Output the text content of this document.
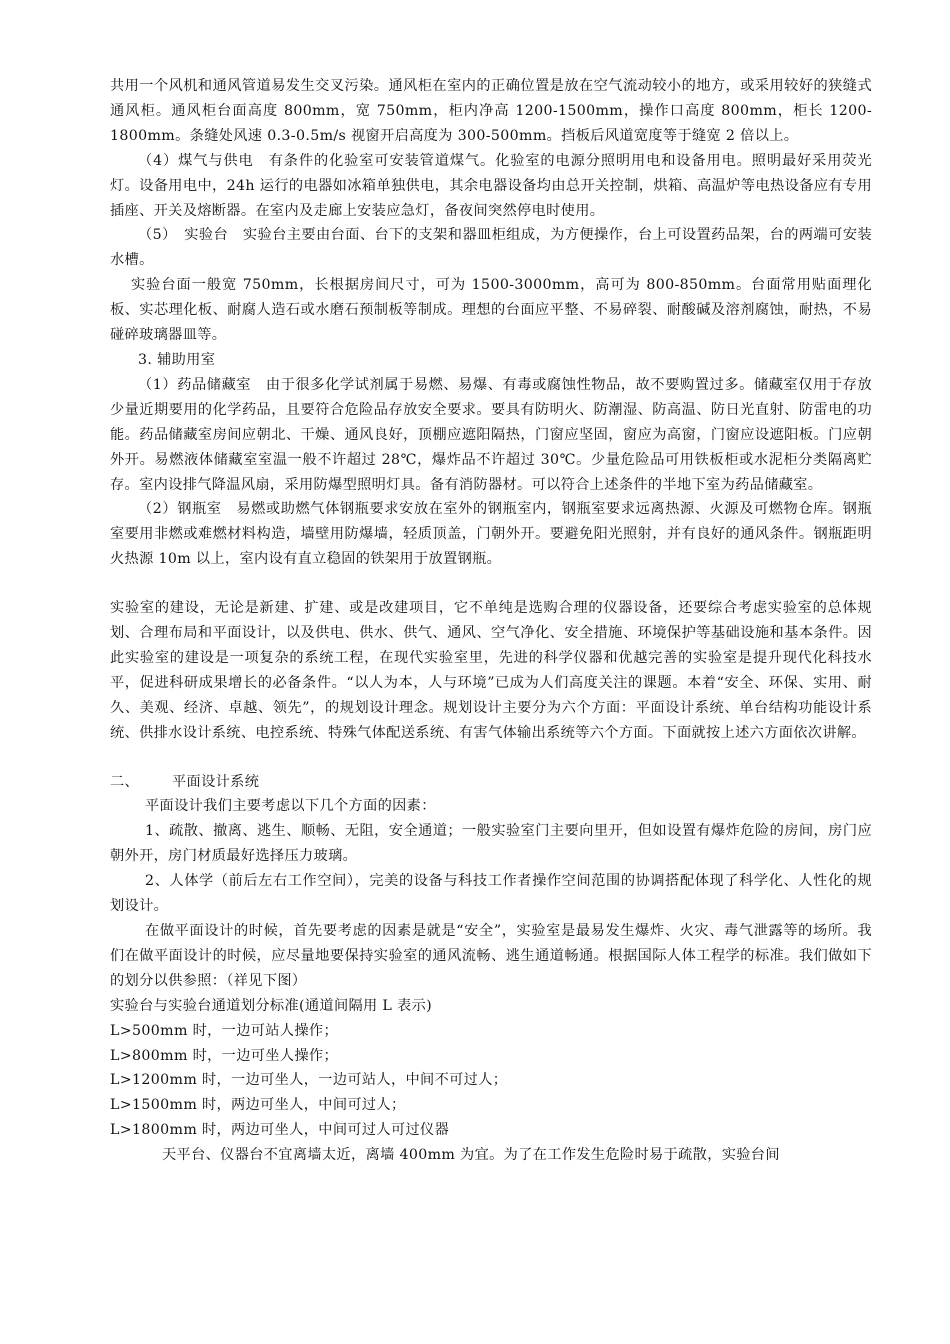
共用一个风机和通风管道易发生交叉污染。通风柜在室内的正确位置是放在空气流动较小的地方，或采用较好的狭缝式通风柜。通风柜台面高度 800mm，宽 750mm，柜内净高 1200-1500mm，操作口高度 800mm，柜长 1200-1800mm。条缝处风速 0.3-0.5m/s 视窗开启高度为 300-500mm。挡板后风道宽度等于缝宽 2 倍以上。

（4）煤气与供电　有条件的化验室可安装管道煤气。化验室的电源分照明用电和设备用电。照明最好采用荧光灯。设备用电中，24h 运行的电器如冰箱单独供电，其余电器设备均由总开关控制，烘箱、高温炉等电热设备应有专用插座、开关及熔断器。在室内及走廊上安装应急灯，备夜间突然停电时使用。

（5）　实验台　实验台主要由台面、台下的支架和器皿柜组成，为方便操作，台上可设置药品架，台的两端可安装水槽。

实验台面一般宽 750mm，长根据房间尺寸，可为 1500-3000mm，高可为 800-850mm。台面常用贴面理化板、实芯理化板、耐腐人造石或水磨石预制板等制成。理想的台面应平整、不易碎裂、耐酸碱及溶剂腐蚀，耐热，不易碰碎玻璃器皿等。

3. 辅助用室

（1）药品储藏室　由于很多化学试剂属于易燃、易爆、有毒或腐蚀性物品，故不要购置过多。储藏室仅用于存放少量近期要用的化学药品，且要符合危险品存放安全要求。要具有防明火、防潮湿、防高温、防日光直射、防雷电的功能。药品储藏室房间应朝北、干燥、通风良好，顶棚应遮阳隔热，门窗应坚固，窗应为高窗，门窗应设遮阳板。门应朝外开。易燃液体储藏室室温一般不许超过 28℃，爆炸品不许超过 30℃。少量危险品可用铁板柜或水泥柜分类隔离贮存。室内设排气降温风扇，采用防爆型照明灯具。备有消防器材。可以符合上述条件的半地下室为药品储藏室。

（2）钢瓶室　易燃或助燃气体钢瓶要求安放在室外的钢瓶室内，钢瓶室要求远离热源、火源及可燃物仓库。钢瓶室要用非燃或难燃材料构造，墙壁用防爆墙，轻质顶盖，门朝外开。要避免阳光照射，并有良好的通风条件。钢瓶距明火热源 10m 以上，室内设有直立稳固的铁架用于放置钢瓶。

实验室的建设，无论是新建、扩建、或是改建项目，它不单纯是选购合理的仪器设备，还要综合考虑实验室的总体规划、合理布局和平面设计，以及供电、供水、供气、通风、空气净化、安全措施、环境保护等基础设施和基本条件。因此实验室的建设是一项复杂的系统工程，在现代实验室里，先进的科学仪器和优越完善的实验室是提升现代化科技水平，促进科研成果增长的必备条件。“以人为本，人与环境”已成为人们高度关注的课题。本着“安全、环保、实用、耐久、美观、经济、卓越、领先”，的规划设计理念。规划设计主要分为六个方面：平面设计系统、单台结构功能设计系统、供排水设计系统、电控系统、特殊气体配送系统、有害气体输出系统等六个方面。下面就按上述六方面依次讲解。

二、	平面设计系统

平面设计我们主要考虑以下几个方面的因素：

1、疏散、撤离、逃生、顺畅、无阻，安全通道；一般实验室门主要向里开，但如设置有爆炸危险的房间，房门应朝外开，房门材质最好选择压力玻璃。

2、人体学（前后左右工作空间），完美的设备与科技工作者操作空间范围的协调搭配体现了科学化、人性化的规划设计。

在做平面设计的时候，首先要考虑的因素是就是“安全”，实验室是最易发生爆炸、火灾、毒气泄露等的场所。我们在做平面设计的时候，应尽量地要保持实验室的通风流畅、逃生通道畅通。根据国际人体工程学的标准。我们做如下的划分以供参照：（祥见下图）

实验台与实验台通道划分标准(通道间隔用 L 表示)

L>500mm 时，一边可站人操作；

L>800mm 时，一边可坐人操作；

L>1200mm 时，一边可坐人，一边可站人，中间不可过人；

L>1500mm 时，两边可坐人，中间可过人；

L>1800mm 时，两边可坐人，中间可过人可过仪器

天平台、仪器台不宜离墙太近，离墙 400mm 为宜。为了在工作发生危险时易于疏散，实验台间
